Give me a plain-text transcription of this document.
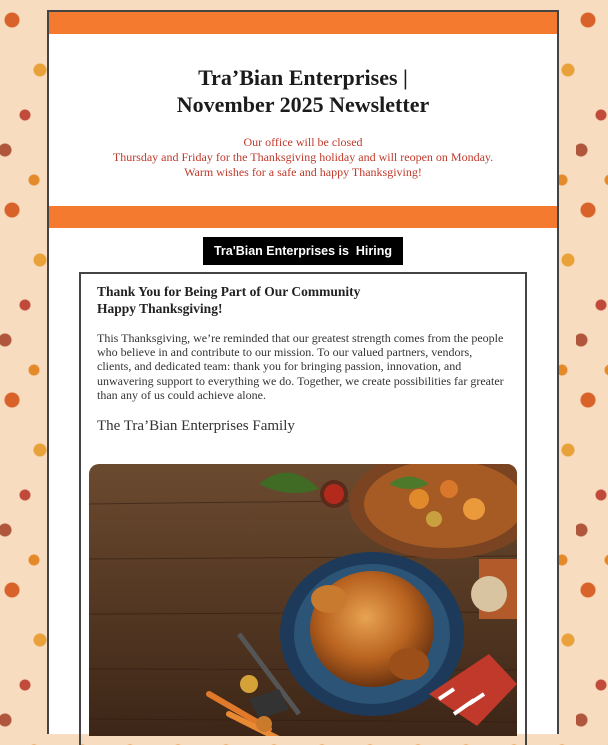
Tra’Bian Enterprises |
November 2025 Newsletter
Our office will be closed
Thursday and Friday for the Thanksgiving holiday and will reopen on Monday.
Warm wishes for a safe and happy Thanksgiving!
Tra'Bian Enterprises is  Hiring
Thank You for Being Part of Our Community
Happy Thanksgiving!

This Thanksgiving, we’re reminded that our greatest strength comes from the people who believe in and contribute to our mission. To our valued partners, vendors, clients, and dedicated team: thank you for bringing passion, innovation, and unwavering support to everything we do. Together, we create possibilities far greater than any of us could achieve alone.

The Tra’Bian Enterprises Family
